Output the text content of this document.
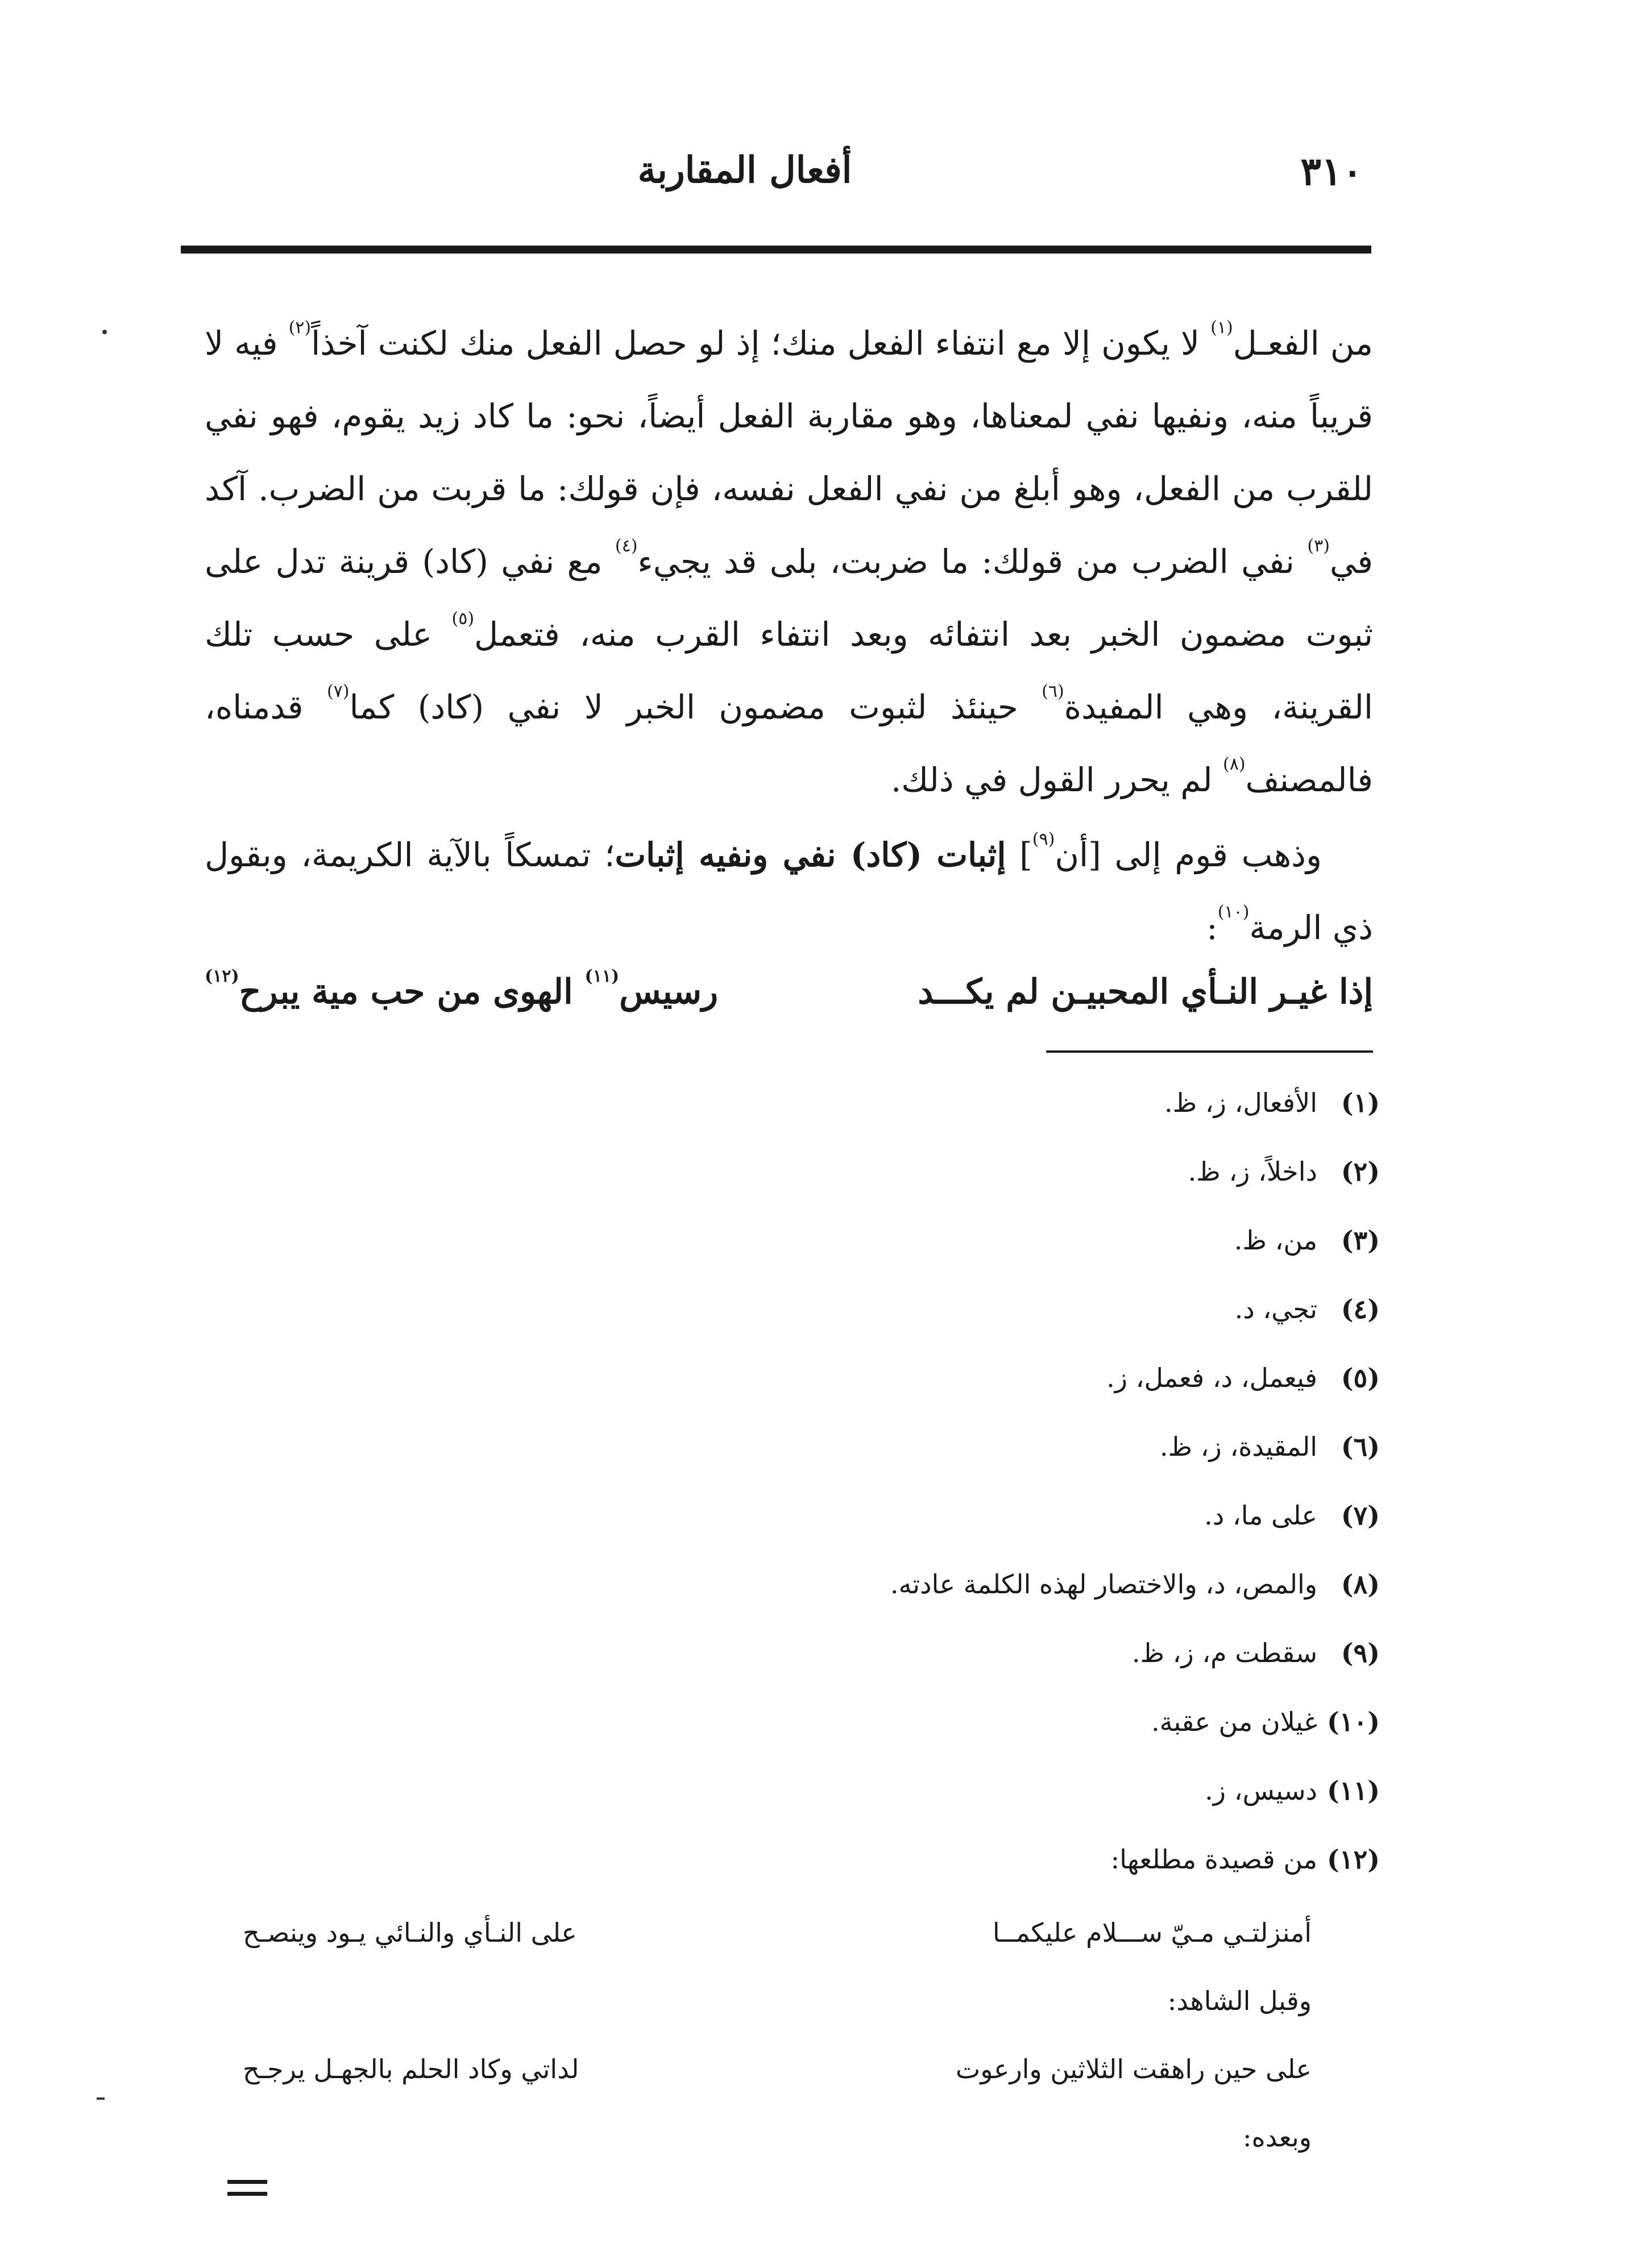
٣١٠
أفعال المقاربة
من الفعـل$^{(١)}$ لا يكون إلا مع انتفاء الفعل منك؛ إذ لو حصل الفعل منك لكنت آخذاً$^{(٢)}$ فيه لا قريباً منه، ونفيها نفي لمعناها، وهو مقاربة الفعل أيضاً، نحو: ما كاد زيد يقوم، فهو نفي للقرب من الفعل، وهو أبلغ من نفي الفعل نفسه، فإن قولك: ما قربت من الضرب. آكد في$^{(٣)}$ نفي الضرب من قولك: ما ضربت، بلى قد يجيء$^{(٤)}$ مع نفي (كاد) قرينة تدل على ثبوت مضمون الخبر بعد انتفائه وبعد انتفاء القرب منه، فتعمل$^{(٥)}$ على حسب تلك القرينة، وهي المفيدة$^{(٦)}$ حينئذ لثبوت مضمون الخبر لا نفي (كاد) كما$^{(٧)}$ قدمناه، فالمصنف$^{(٨)}$ لم يحرر القول في ذلك.
وذهب قوم إلى [أن$^{(٩)}$] إثبات (كاد) نفي ونفيه إثبات؛ تمسكاً بالآية الكريمة، وبقول ذي الرمة$^{(١٠)}$:
إذا غيـر النـأي المحبيـن لم يكـــد
رسيس$^{(١١)}$ الهوى من حب مية يبرح$^{(١٢)}$
(١)الأفعال، ز، ظ.
(٢)داخلاً، ز، ظ.
(٣)من، ظ.
(٤)تجي، د.
(٥)فيعمل، د، فعمل، ز.
(٦)المقيدة، ز، ظ.
(٧)على ما، د.
(٨)والمص، د، والاختصار لهذه الكلمة عادته.
(٩)سقطت م، ز، ظ.
(١٠)غيلان من عقبة.
(١١)دسيس، ز.
(١٢)من قصيدة مطلعها:
أمنزلتـي مـيّ ســـلام عليكمــا
على النـأي والنـائي يـود وينصـح
وقبل الشاهد:
على حين راهقت الثلاثين وارعوت
لداتي وكاد الحلم بالجهـل يرجـح
وبعده:
